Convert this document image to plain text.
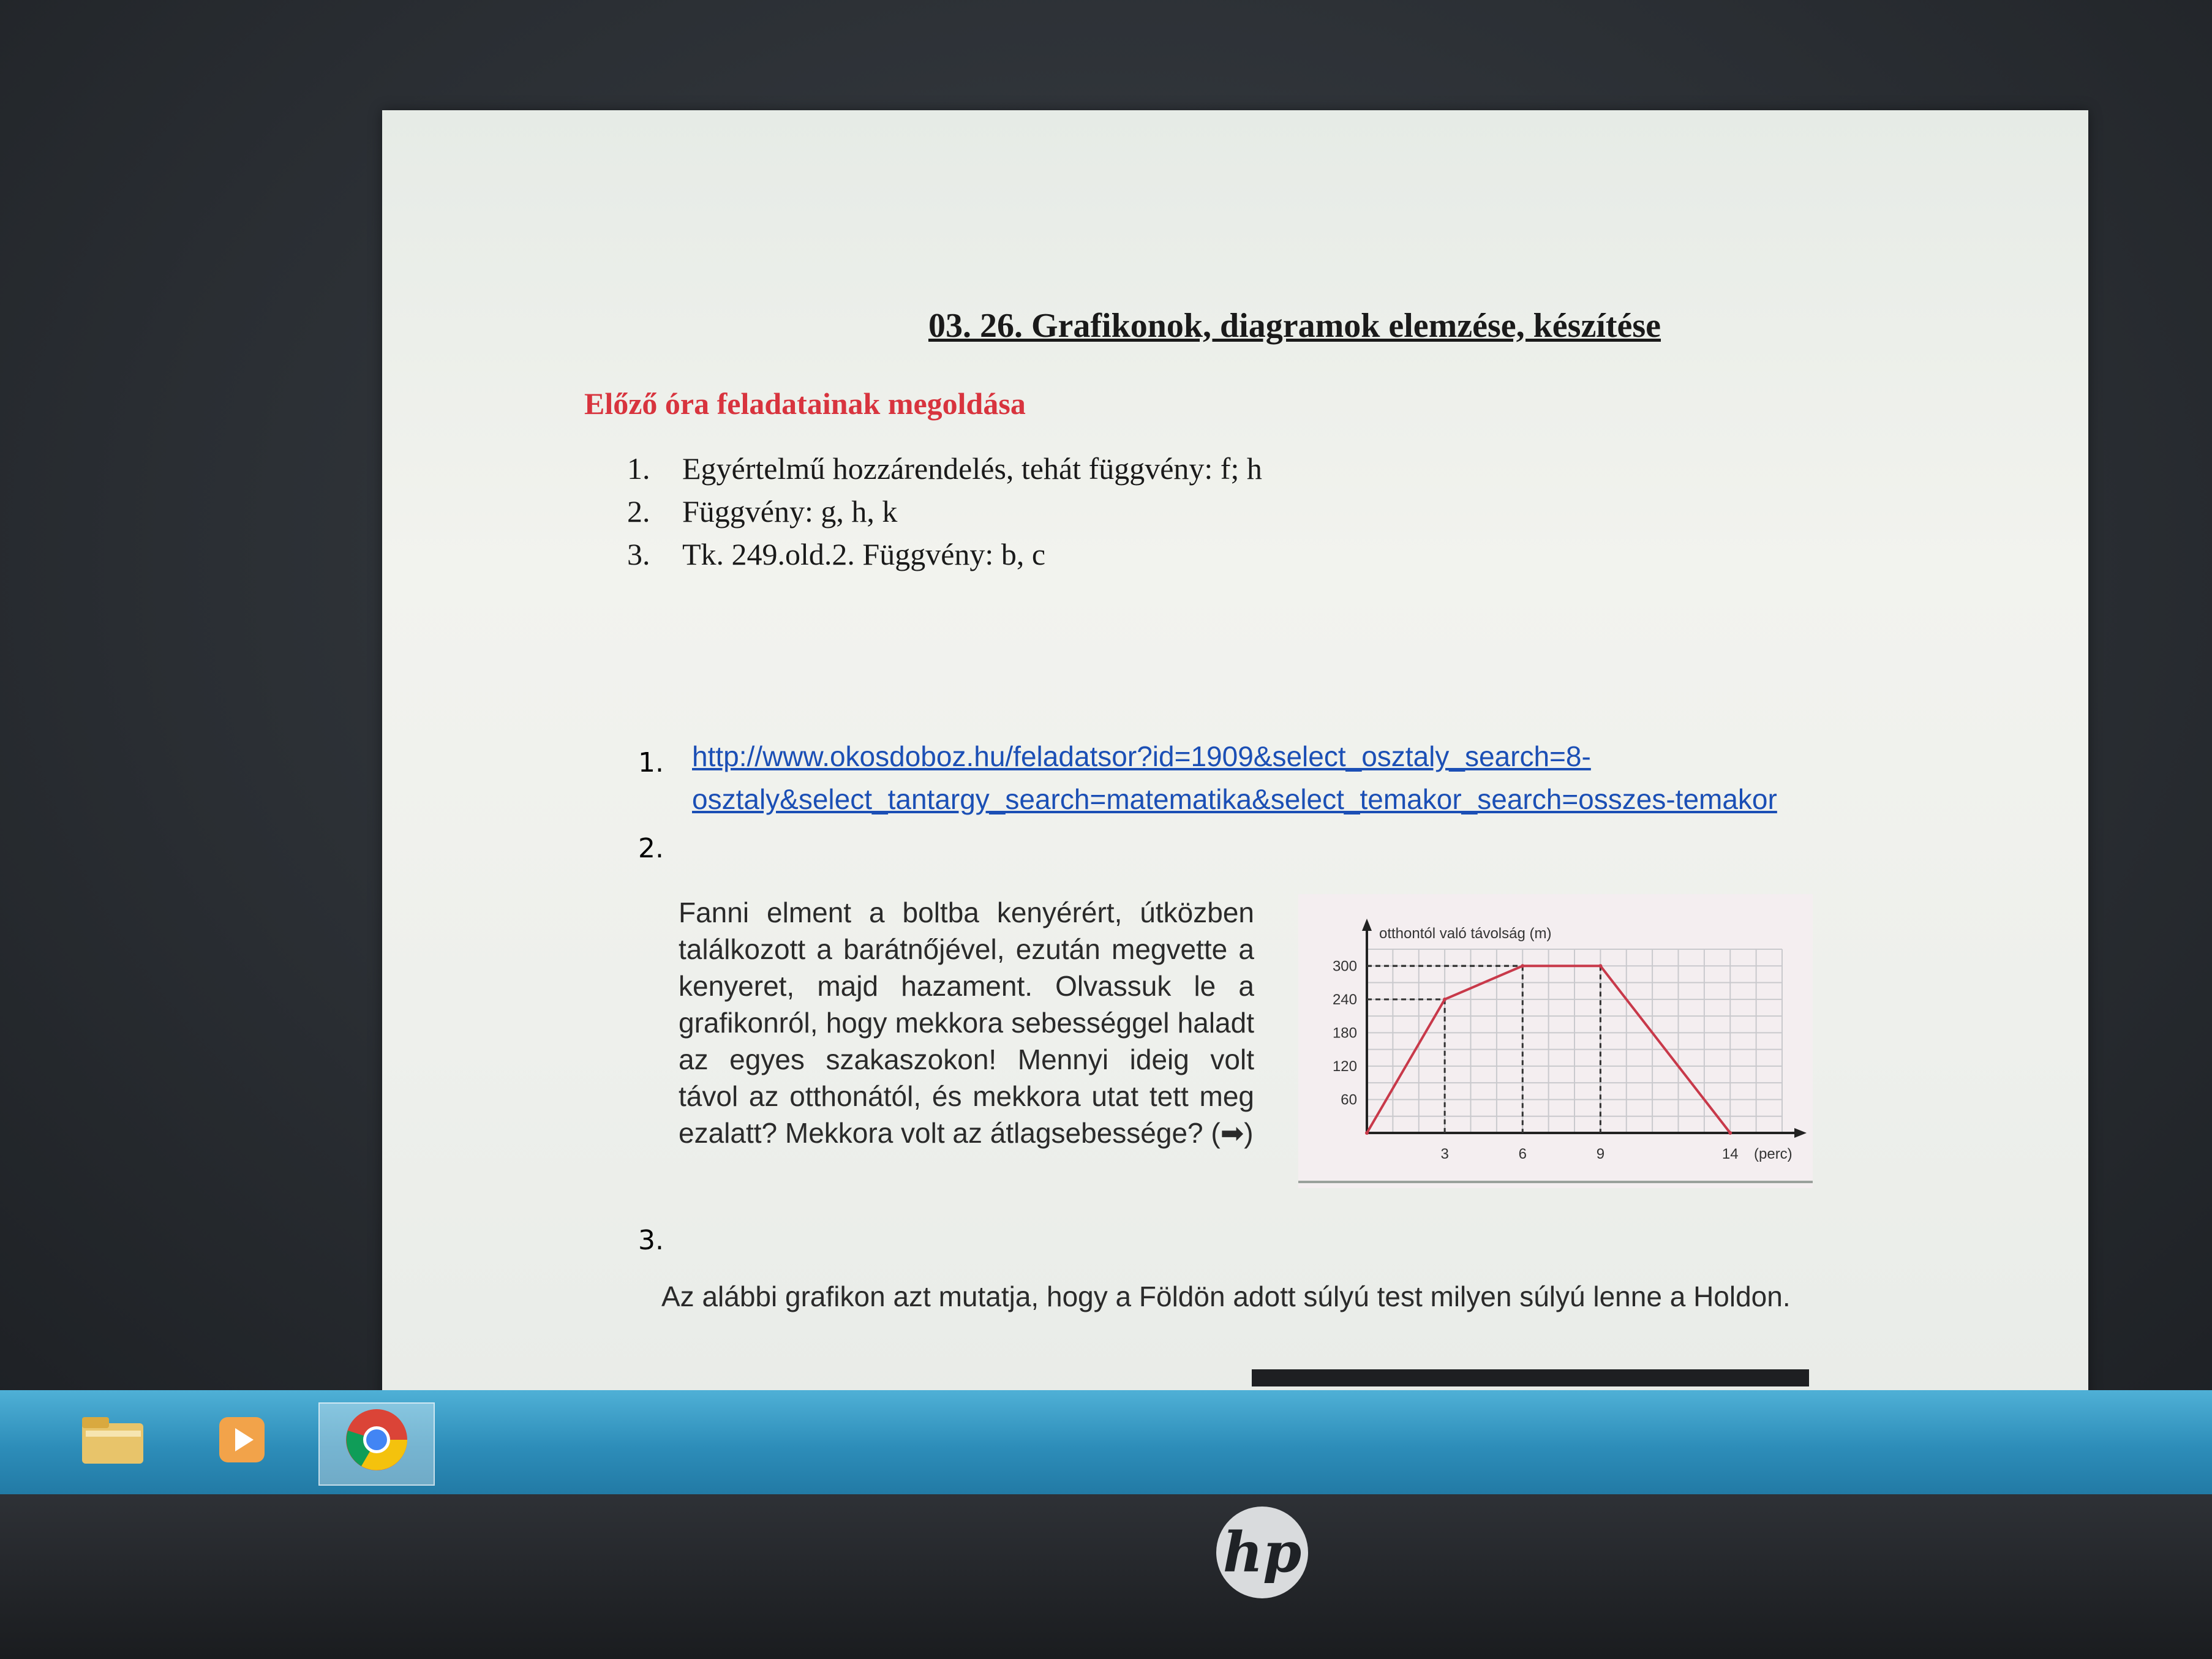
03. 26. Grafikonok, diagramok elemzése, készítése
Előző óra feladatainak megoldása
1.	Egyértelmű hozzárendelés, tehát függvény: f; h
2.	Függvény: g, h, k
3.	Tk. 249.old.2. Függvény: b, c
1. http://www.okosdoboz.hu/feladatsor?id=1909&select_osztaly_search=8-osztaly&select_tantargy_search=matematika&select_temakor_search=osszes-temakor
2.
Fanni elment a boltba kenyérért, útközben találkozott a barátnőjével, ezután megvette a kenyeret, majd hazament. Olvassuk le a grafikonról, hogy mekkora sebességgel haladt az egyes szakaszokon! Mennyi ideig volt távol az otthonától, és mekkora utat tett meg ezalatt? Mekkora volt az átlagsebessége? (➡)
3	6	9	14
60
120
180
240
300
otthontól való távolság (m)
(perc)
3.
Az alábbi grafikon azt mutatja, hogy a Földön adott súlyú test milyen súlyú lenne a Holdon.
hp
